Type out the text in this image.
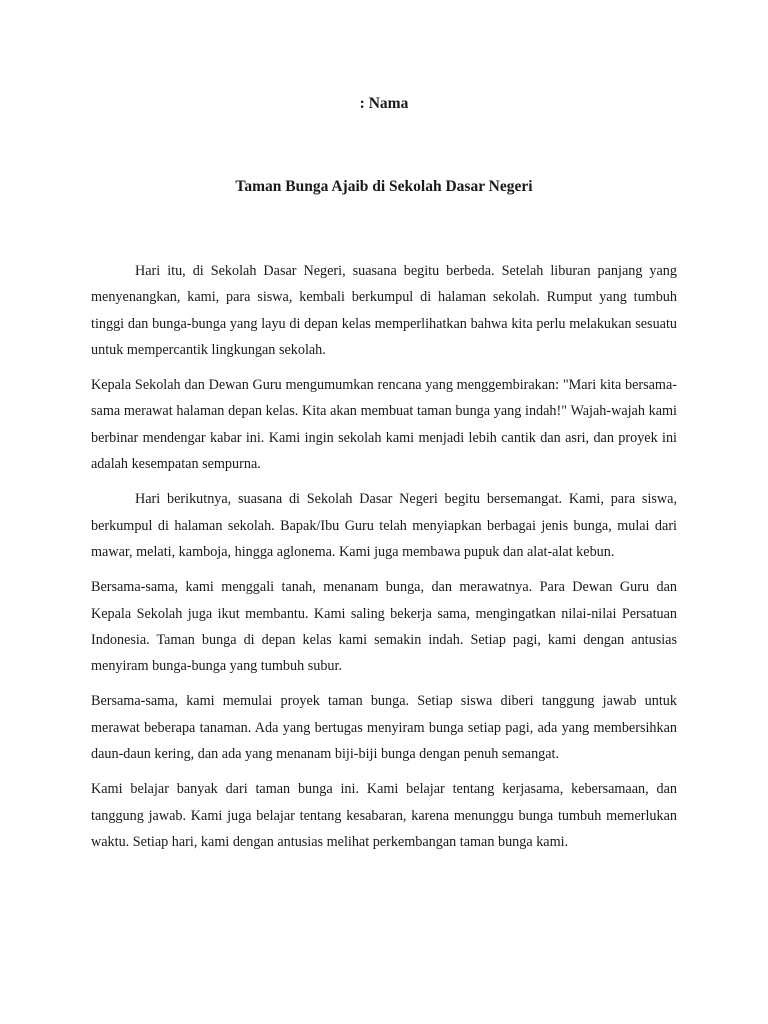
: Nama

Taman Bunga Ajaib di Sekolah Dasar Negeri

Hari itu, di Sekolah Dasar Negeri, suasana begitu berbeda. Setelah liburan panjang yang menyenangkan, kami, para siswa, kembali berkumpul di halaman sekolah. Rumput yang tumbuh tinggi dan bunga-bunga yang layu di depan kelas memperlihatkan bahwa kita perlu melakukan sesuatu untuk mempercantik lingkungan sekolah.

Kepala Sekolah dan Dewan Guru mengumumkan rencana yang menggembirakan: "Mari kita bersama-sama merawat halaman depan kelas. Kita akan membuat taman bunga yang indah!" Wajah-wajah kami berbinar mendengar kabar ini. Kami ingin sekolah kami menjadi lebih cantik dan asri, dan proyek ini adalah kesempatan sempurna.

Hari berikutnya, suasana di Sekolah Dasar Negeri begitu bersemangat. Kami, para siswa, berkumpul di halaman sekolah. Bapak/Ibu Guru telah menyiapkan berbagai jenis bunga, mulai dari mawar, melati, kamboja, hingga aglonema. Kami juga membawa pupuk dan alat-alat kebun.

Bersama-sama, kami menggali tanah, menanam bunga, dan merawatnya. Para Dewan Guru dan Kepala Sekolah juga ikut membantu. Kami saling bekerja sama, mengingatkan nilai-nilai Persatuan Indonesia. Taman bunga di depan kelas kami semakin indah. Setiap pagi, kami dengan antusias menyiram bunga-bunga yang tumbuh subur.

Bersama-sama, kami memulai proyek taman bunga. Setiap siswa diberi tanggung jawab untuk merawat beberapa tanaman. Ada yang bertugas menyiram bunga setiap pagi, ada yang membersihkan daun-daun kering, dan ada yang menanam biji-biji bunga dengan penuh semangat.

Kami belajar banyak dari taman bunga ini. Kami belajar tentang kerjasama, kebersamaan, dan tanggung jawab. Kami juga belajar tentang kesabaran, karena menunggu bunga tumbuh memerlukan waktu. Setiap hari, kami dengan antusias melihat perkembangan taman bunga kami.
